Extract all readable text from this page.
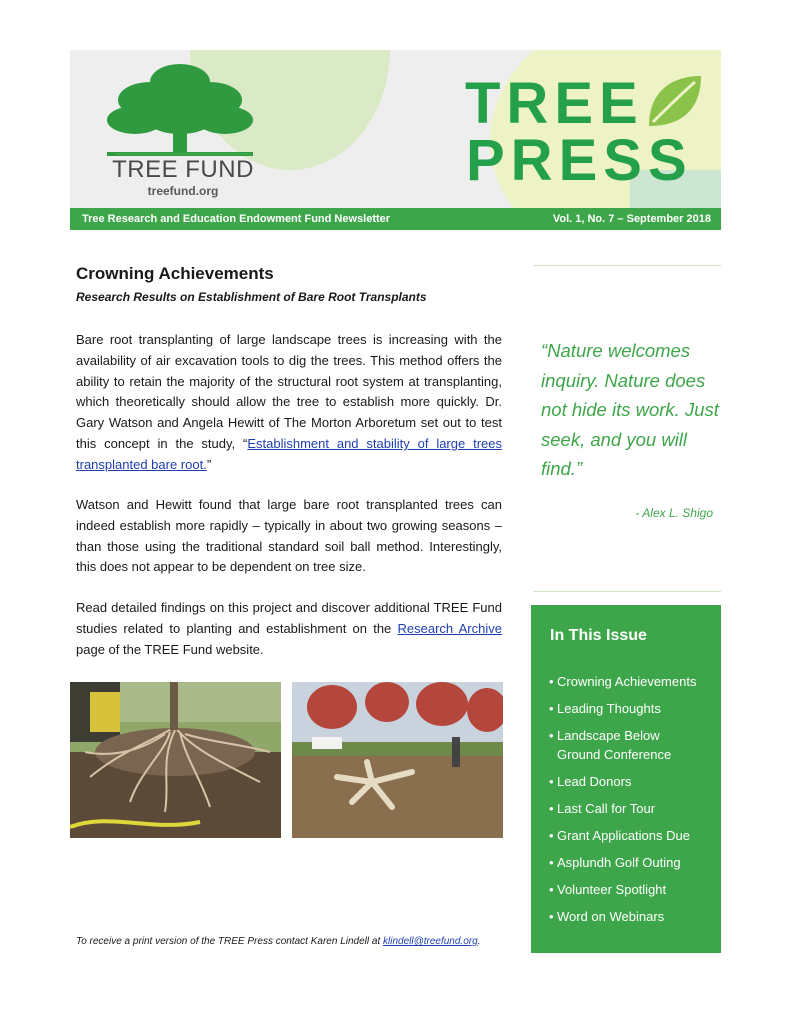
TREE FUND
treefund.org
TREE
PRESS
Tree Research and Education Endowment Fund Newsletter	Vol. 1, No. 7 – September 2018
Crowning Achievements
Research Results on Establishment of Bare Root Transplants
Bare root transplanting of large landscape trees is increasing with the availability of air excavation tools to dig the trees. This method offers the ability to retain the majority of the structural root system at transplanting, which theoretically should allow the tree to establish more quickly. Dr. Gary Watson and Angela Hewitt of The Morton Arboretum set out to test this concept in the study, “Establishment and stability of large trees transplanted bare root.”
Watson and Hewitt found that large bare root transplanted trees can indeed establish more rapidly – typically in about two growing seasons – than those using the traditional standard soil ball method. Interestingly, this does not appear to be dependent on tree size.
Read detailed findings on this project and discover additional TREE Fund studies related to planting and establishment on the Research Archive page of the TREE Fund website.
To receive a print version of the TREE Press contact Karen Lindell at klindell@treefund.org.
“Nature welcomes inquiry. Nature does not hide its work. Just seek, and you will find.”
- Alex L. Shigo
In This Issue
• Crowning Achievements
• Leading Thoughts
• Landscape Below
Ground Conference
• Lead Donors
• Last Call for Tour
• Grant Applications Due
• Asplundh Golf Outing
• Volunteer Spotlight
• Word on Webinars
